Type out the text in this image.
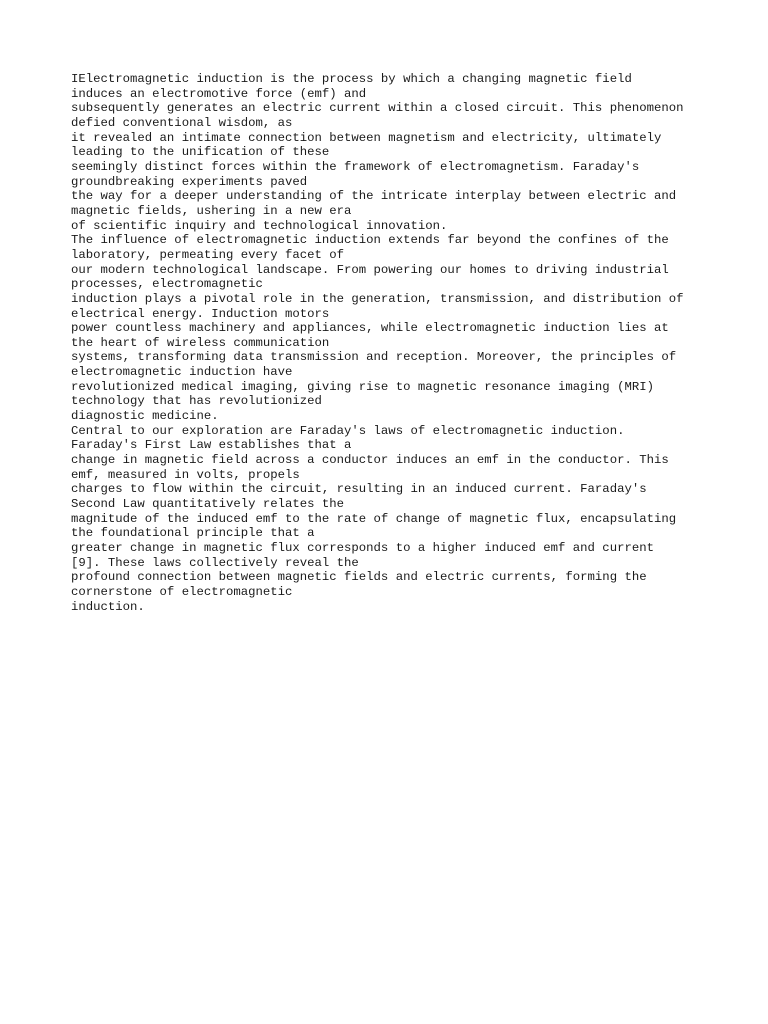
IElectromagnetic induction is the process by which a changing magnetic field
induces an electromotive force (emf) and
subsequently generates an electric current within a closed circuit. This phenomenon
defied conventional wisdom, as
it revealed an intimate connection between magnetism and electricity, ultimately
leading to the unification of these
seemingly distinct forces within the framework of electromagnetism. Faraday's
groundbreaking experiments paved
the way for a deeper understanding of the intricate interplay between electric and
magnetic fields, ushering in a new era
of scientific inquiry and technological innovation.
The influence of electromagnetic induction extends far beyond the confines of the
laboratory, permeating every facet of
our modern technological landscape. From powering our homes to driving industrial
processes, electromagnetic
induction plays a pivotal role in the generation, transmission, and distribution of
electrical energy. Induction motors
power countless machinery and appliances, while electromagnetic induction lies at
the heart of wireless communication
systems, transforming data transmission and reception. Moreover, the principles of
electromagnetic induction have
revolutionized medical imaging, giving rise to magnetic resonance imaging (MRI)
technology that has revolutionized
diagnostic medicine.
Central to our exploration are Faraday's laws of electromagnetic induction.
Faraday's First Law establishes that a
change in magnetic field across a conductor induces an emf in the conductor. This
emf, measured in volts, propels
charges to flow within the circuit, resulting in an induced current. Faraday's
Second Law quantitatively relates the
magnitude of the induced emf to the rate of change of magnetic flux, encapsulating
the foundational principle that a
greater change in magnetic flux corresponds to a higher induced emf and current
[9]. These laws collectively reveal the
profound connection between magnetic fields and electric currents, forming the
cornerstone of electromagnetic
induction.
